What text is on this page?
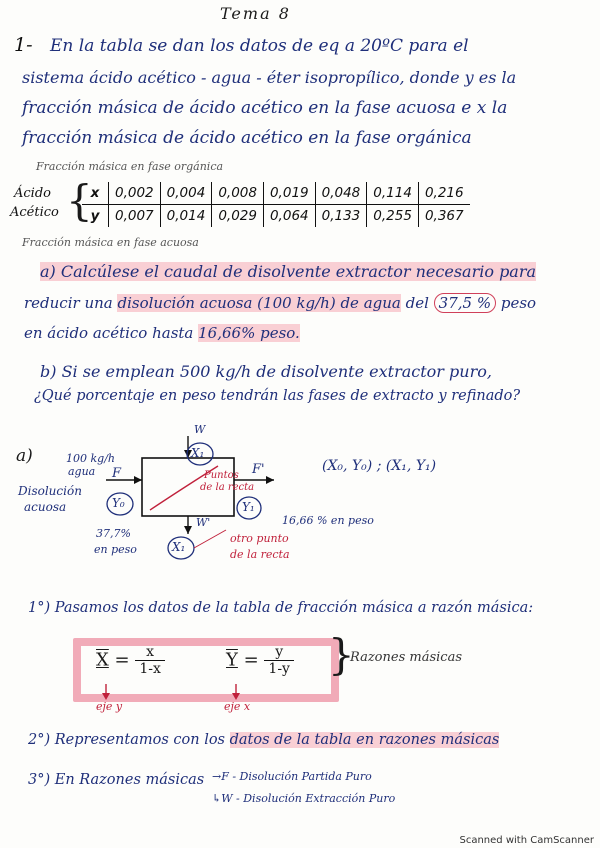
Tema 8
1- En la tabla se dan los datos de eq a 20ºC para el
sistema ácido acético - agua - éter isopropílico, donde y es la
fracción másica de ácido acético en la fase acuosa e x la
fracción másica de ácido acético en la fase orgánica
Fracción másica en fase orgánica
Ácido
Acético {
x	0,002	0,004	0,008	0,019	0,048	0,114	0,216
y	0,007	0,014	0,029	0,064	0,133	0,255	0,367
Fracción másica en fase acuosa
a) Calcúlese el caudal de disolvente extractor necesario para
reducir una disolución acuosa (100 kg/h) de agua del 37,5 % peso
en ácido acético hasta 16,66% peso.
b) Si se emplean 500 kg/h de disolvente extractor puro,
¿Qué porcentaje en peso tendrán las fases de extracto y refinado?
a)	100 kg/h
agua F
Disolución
acuosa	Y₀
37,7%
en peso
W
X₁
Puntos
de la recta
F'
Y₁
W'	16,66 % en peso
X₁
otro punto
de la recta
(X₀, Y₀) ; (X₁, Y₁)
1°) Pasamos los datos de la tabla de fracción másica a razón másica:
$X = \frac{x}{1-x}$	$Y = \frac{y}{1-y}$ }
Razones másicas
eje y	eje x
2°) Representamos con los datos de la tabla en razones másicas
3°) En Razones másicas →F - Disolución Partida Puro
↳W - Disolución Extracción Puro
Scanned with CamScanner
